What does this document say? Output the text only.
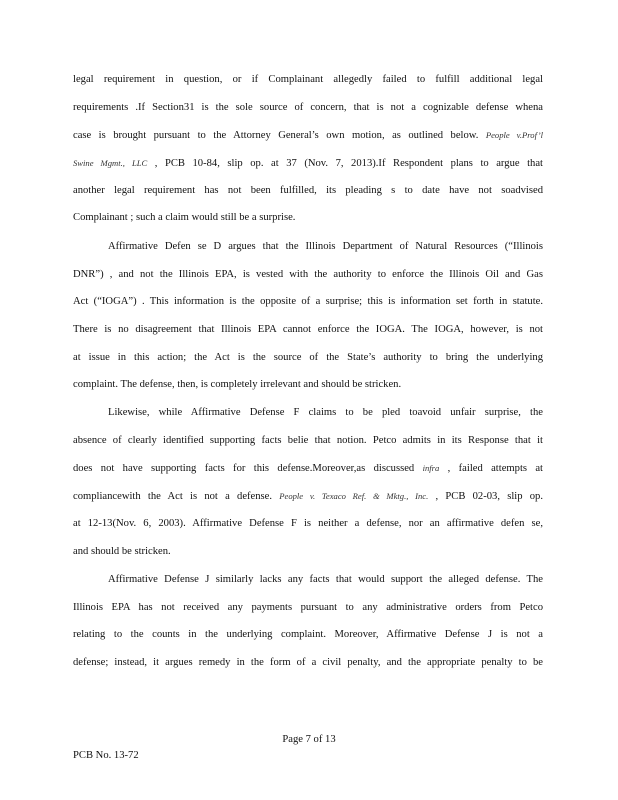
legal requirement in question, or if Complainant allegedly failed to fulfill additional legal
requirements .If Section31 is the sole source of concern, that is not a cognizable defense whena
case is brought pursuant to the Attorney General’s own motion, as outlined below. People v.Prof’l
Swine Mgmt., LLC , PCB 10-84, slip op. at 37 (Nov. 7, 2013).If Respondent plans to argue that
another legal requirement has not been fulfilled, its pleading s to date have not soadvised
Complainant ; such a claim would still be a surprise.
Affirmative Defen se D argues that the Illinois Department of Natural Resources (“Illinois
DNR”) , and not the Illinois EPA, is vested with the authority to enforce the Illinois Oil and Gas
Act (“IOGA”) . This information is the opposite of a surprise; this is information set forth in statute.
There is no disagreement that Illinois EPA cannot enforce the IOGA. The IOGA, however, is not
at issue in this action; the Act is the source of the State’s authority to bring the underlying
complaint. The defense, then, is completely irrelevant and should be stricken.
Likewise, while Affirmative Defense F claims to be pled toavoid unfair surprise, the
absence of clearly identified supporting facts belie that notion. Petco admits in its Response that it
does not have supporting facts for this defense.Moreover,as discussed infra , failed attempts at
compliancewith the Act is not a defense. People v. Texaco Ref. & Mktg., Inc. , PCB 02-03, slip op.
at 12-13(Nov. 6, 2003). Affirmative Defense F is neither a defense, nor an affirmative defen se,
and should be stricken.
Affirmative Defense J similarly lacks any facts that would support the alleged defense. The
Illinois EPA has not received any payments pursuant to any administrative orders from Petco
relating to the counts in the underlying complaint. Moreover, Affirmative Defense J is not a
defense; instead, it argues remedy in the form of a civil penalty, and the appropriate penalty to be
Page 7 of 13
PCB No. 13-72
